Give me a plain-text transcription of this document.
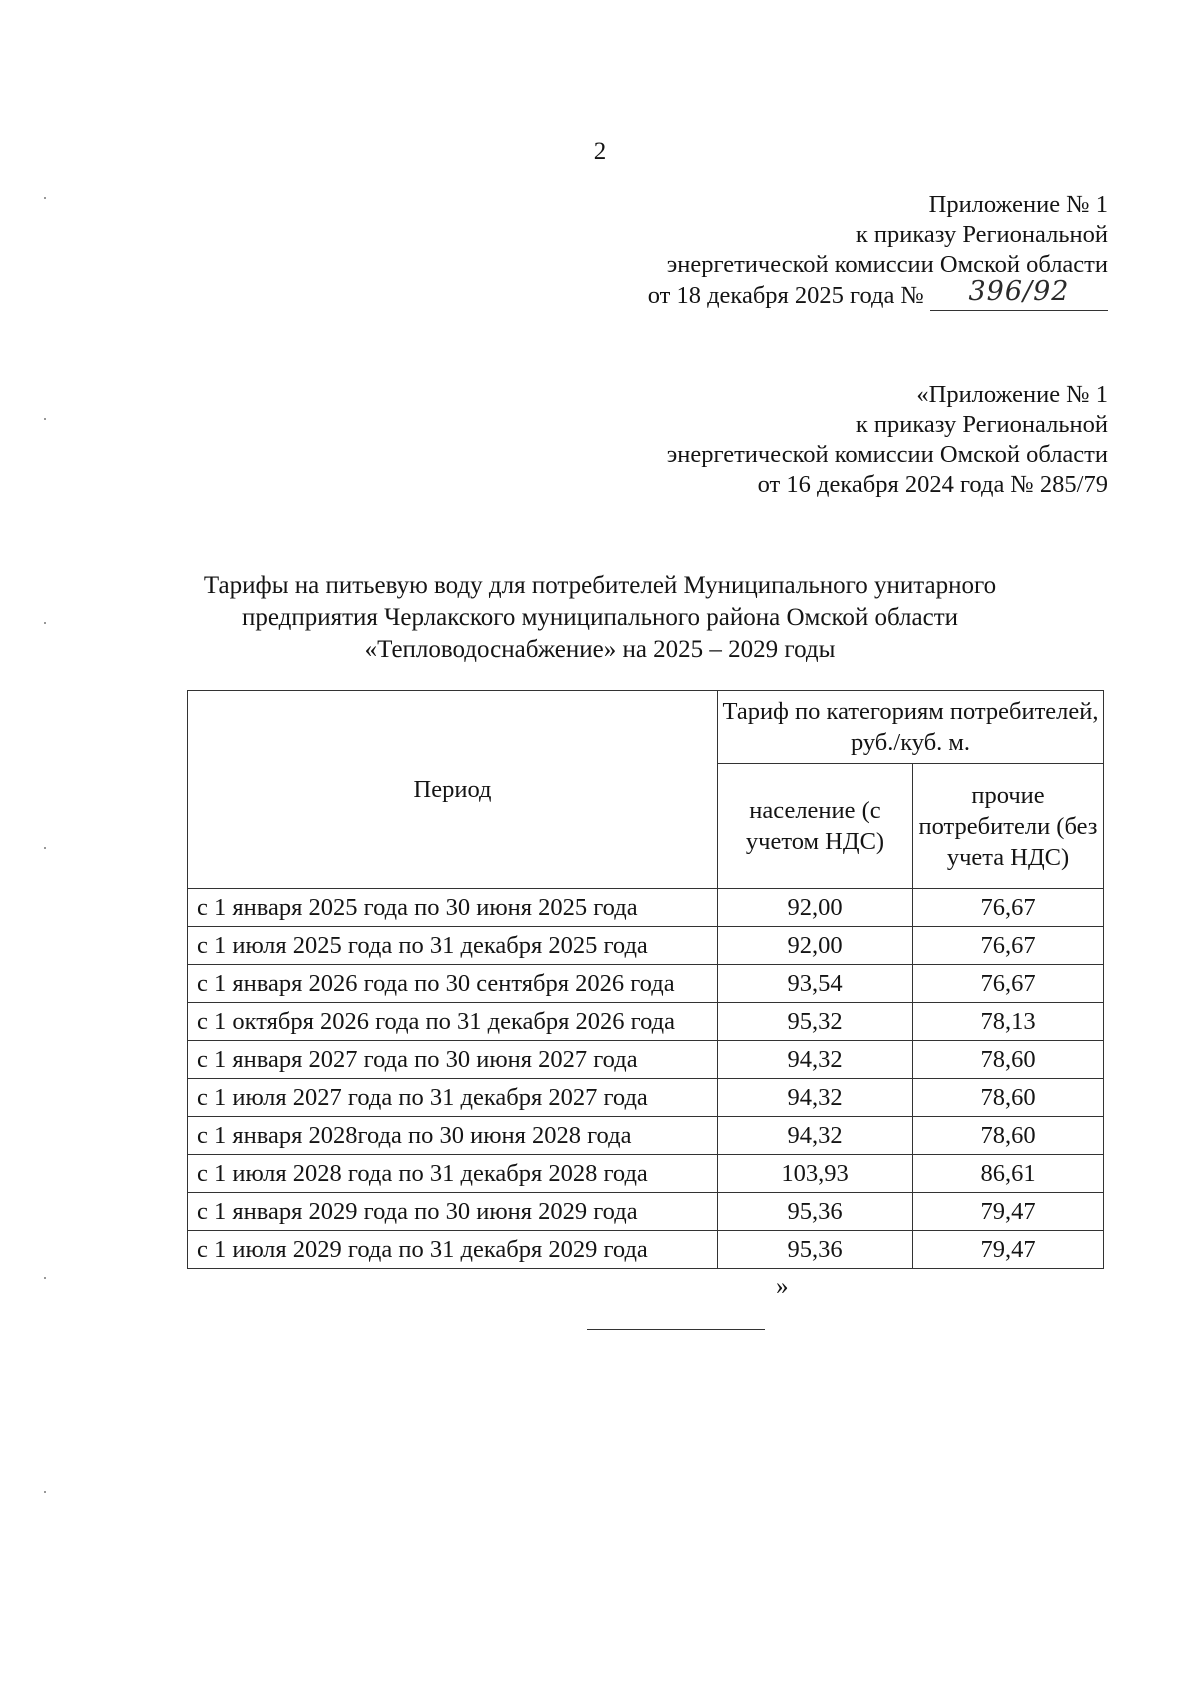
2
Приложение № 1
к приказу Региональной
энергетической комиссии Омской области
от 18 декабря 2025 года № 396/92
«Приложение № 1
к приказу Региональной
энергетической комиссии Омской области
от 16 декабря 2024 года № 285/79
Тарифы на питьевую воду для потребителей Муниципального унитарного
предприятия Черлакского муниципального района Омской области
«Тепловодоснабжение» на 2025 – 2029 годы
Период	Тариф по категориям потребителей, руб./куб. м.	
	население (с учетом НДС)	прочие потребители (без учета НДС)
с 1 января 2025 года по 30 июня 2025 года	92,00	76,67
с 1 июля 2025 года по 31 декабря 2025 года	92,00	76,67
с 1 января 2026 года по 30 сентября 2026 года	93,54	76,67
с 1 октября 2026 года по 31 декабря 2026 года	95,32	78,13
с 1 января 2027 года по 30 июня 2027 года	94,32	78,60
с 1 июля 2027 года по 31 декабря 2027 года	94,32	78,60
с 1 января 2028года по 30 июня 2028 года	94,32	78,60
с 1 июля 2028 года по 31 декабря 2028 года	103,93	86,61
с 1 января 2029 года по 30 июня 2029 года	95,36	79,47
с 1 июля 2029 года по 31 декабря 2029 года	95,36	79,47
»
